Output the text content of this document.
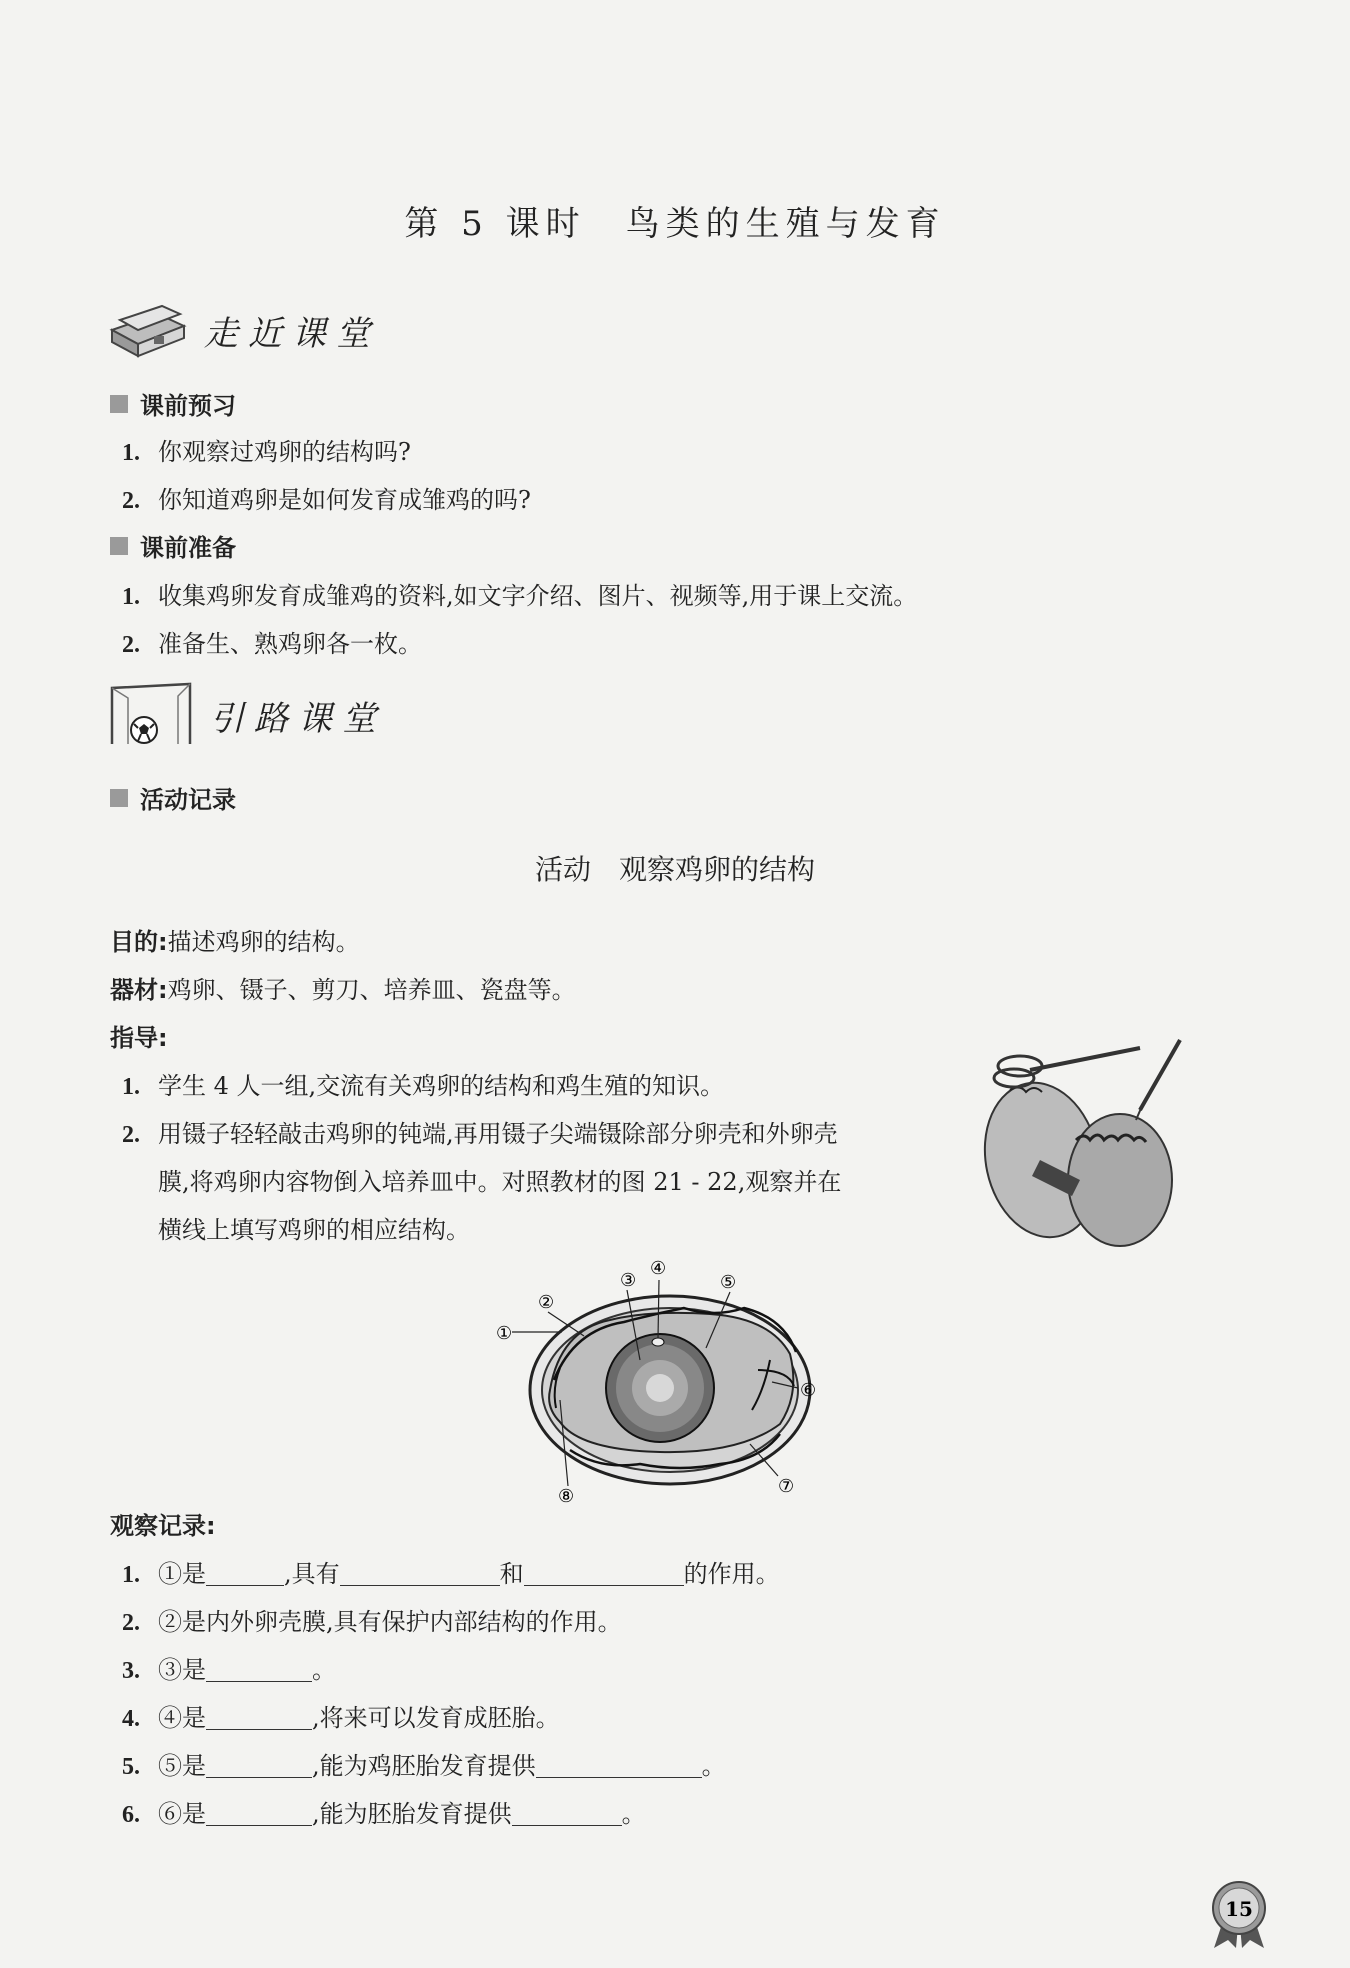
第 5 课时 鸟类的生殖与发育
走近课堂
课前预习
1. 你观察过鸡卵的结构吗?
2. 你知道鸡卵是如何发育成雏鸡的吗?
课前准备
1. 收集鸡卵发育成雏鸡的资料,如文字介绍、图片、视频等,用于课上交流。
2. 准备生、熟鸡卵各一枚。
引路课堂
活动记录
活动 观察鸡卵的结构
目的:描述鸡卵的结构。
器材:鸡卵、镊子、剪刀、培养皿、瓷盘等。
指导:
1. 学生 4 人一组,交流有关鸡卵的结构和鸡生殖的知识。
2. 用镊子轻轻敲击鸡卵的钝端,再用镊子尖端镊除部分卵壳和外卵壳
膜,将鸡卵内容物倒入培养皿中。对照教材的图 21 - 22,观察并在
横线上填写鸡卵的相应结构。
①
②
③
④
⑤
⑥
⑦
⑧
观察记录:
1. ①是	,具有	和	的作用。
2. ②是内外卵壳膜,具有保护内部结构的作用。
3. ③是	。
4. ④是	,将来可以发育成胚胎。
5. ⑤是	,能为鸡胚胎发育提供	。
6. ⑥是	,能为胚胎发育提供	。
15
